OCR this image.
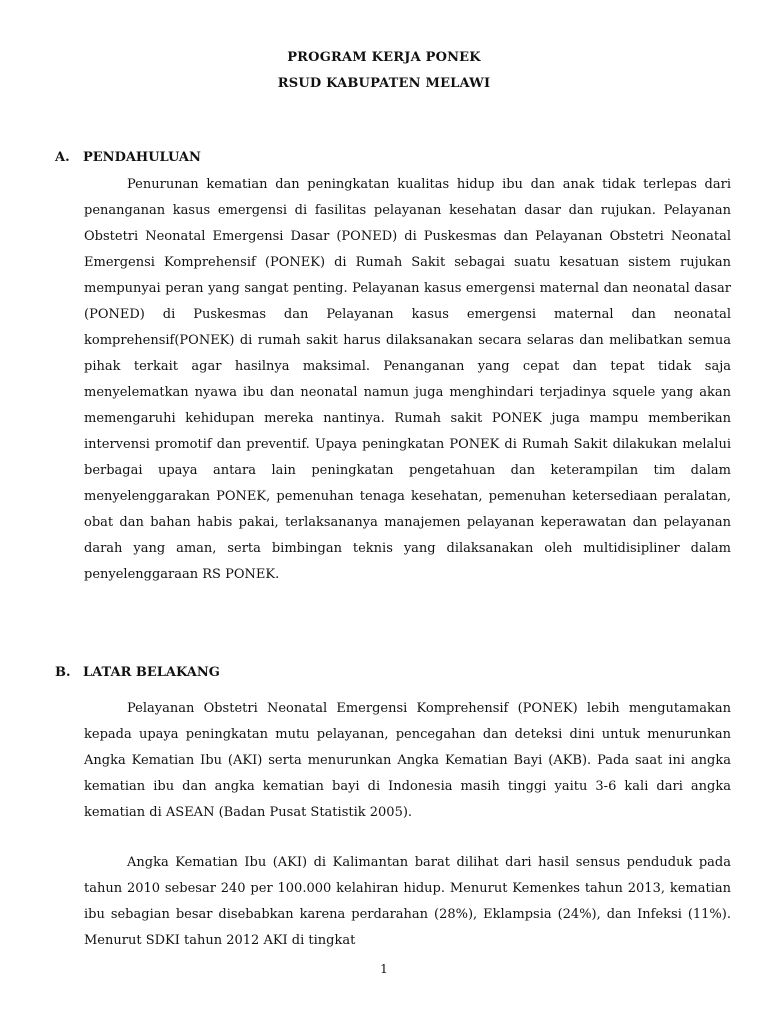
PROGRAM KERJA PONEK
RSUD KABUPATEN MELAWI
A.	PENDAHULUAN

Penurunan kematian dan peningkatan kualitas hidup ibu dan anak tidak terlepas dari penanganan kasus emergensi di fasilitas pelayanan kesehatan dasar dan rujukan. Pelayanan Obstetri Neonatal Emergensi Dasar (PONED) di Puskesmas dan Pelayanan Obstetri Neonatal Emergensi Komprehensif (PONEK) di Rumah Sakit sebagai suatu kesatuan sistem rujukan mempunyai peran yang sangat penting. Pelayanan kasus emergensi maternal dan neonatal dasar (PONED) di Puskesmas dan Pelayanan kasus emergensi maternal dan neonatal komprehensif(PONEK) di rumah sakit harus dilaksanakan secara selaras dan melibatkan semua pihak terkait agar hasilnya maksimal. Penanganan yang cepat dan tepat tidak saja menyelematkan nyawa ibu dan neonatal namun juga menghindari terjadinya squele yang akan memengaruhi kehidupan mereka nantinya. Rumah sakit PONEK juga mampu memberikan intervensi promotif dan preventif. Upaya peningkatan PONEK di Rumah Sakit dilakukan melalui berbagai upaya antara lain peningkatan pengetahuan dan keterampilan tim dalam menyelenggarakan PONEK, pemenuhan tenaga kesehatan, pemenuhan ketersediaan peralatan, obat dan bahan habis pakai, terlaksananya manajemen pelayanan keperawatan dan pelayanan darah yang aman, serta bimbingan teknis yang dilaksanakan oleh multidisipliner dalam penyelenggaraan RS PONEK.

B. LATAR BELAKANG

Pelayanan Obstetri Neonatal Emergensi Komprehensif (PONEK) lebih mengutamakan kepada upaya peningkatan mutu pelayanan, pencegahan dan deteksi dini untuk menurunkan Angka Kematian Ibu (AKI) serta menurunkan Angka Kematian Bayi (AKB). Pada saat ini angka kematian ibu dan angka kematian bayi di Indonesia masih tinggi yaitu 3-6 kali dari angka kematian di ASEAN (Badan Pusat Statistik 2005).

Angka Kematian Ibu (AKI) di Kalimantan barat dilihat dari hasil sensus penduduk pada tahun 2010 sebesar 240 per 100.000 kelahiran hidup. Menurut Kemenkes tahun 2013, kematian ibu sebagian besar disebabkan karena perdarahan (28%), Eklampsia (24%), dan Infeksi (11%). Menurut SDKI tahun 2012 AKI di tingkat

1
